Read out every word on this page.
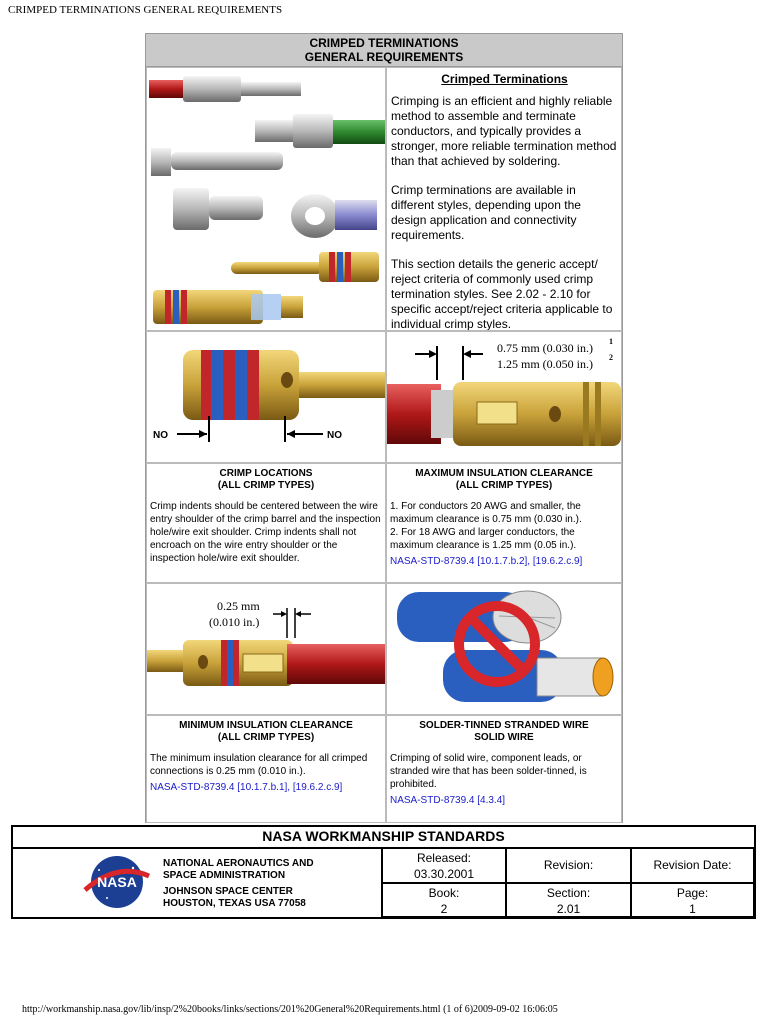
CRIMPED TERMINATIONS GENERAL REQUIREMENTS
CRIMPED TERMINATIONS
GENERAL REQUIREMENTS
Crimped Terminations

Crimping is an efficient and highly reliable method to assemble and terminate conductors, and typically provides a stronger, more reliable termination method than that achieved by soldering.

Crimp terminations are available in different styles, depending upon the design application and connectivity requirements.

This section details the generic accept/ reject criteria of commonly used crimp termination styles. See 2.02 - 2.10 for specific accept/reject criteria applicable to individual crimp styles.

NO	NO
0.75 mm (0.030 in.) 1
1.25 mm (0.050 in.) 2
CRIMP LOCATIONS
(ALL CRIMP TYPES)
Crimp indents should be centered between the wire entry shoulder of the crimp barrel and the inspection hole/wire exit shoulder. Crimp indents shall not encroach on the wire entry shoulder or the inspection hole/wire exit shoulder.
MAXIMUM INSULATION CLEARANCE
(ALL CRIMP TYPES)
1. For conductors 20 AWG and smaller, the maximum clearance is 0.75 mm (0.030 in.).
2. For 18 AWG and larger conductors, the maximum clearance is 1.25 mm (0.05 in.).
NASA-STD-8739.4 [10.1.7.b.2], [19.6.2.c.9]
0.25 mm
(0.010 in.)
MINIMUM INSULATION CLEARANCE
(ALL CRIMP TYPES)
The minimum insulation clearance for all crimped connections is 0.25 mm (0.010 in.).
NASA-STD-8739.4 [10.1.7.b.1], [19.6.2.c.9]
SOLDER-TINNED STRANDED WIRE
SOLID WIRE
Crimping of solid wire, component leads, or stranded wire that has been solder-tinned, is prohibited.
NASA-STD-8739.4 [4.3.4]
NASA WORKMANSHIP STANDARDS
NASA
NATIONAL AERONAUTICS AND
SPACE ADMINISTRATION
JOHNSON SPACE CENTER
HOUSTON, TEXAS USA 77058
Released:
03.30.2001
Revision:	Revision Date:
Book:
2
Section:
2.01
Page:
1
http://workmanship.nasa.gov/lib/insp/2%20books/links/sections/201%20General%20Requirements.html (1 of 6)2009-09-02 16:06:05
